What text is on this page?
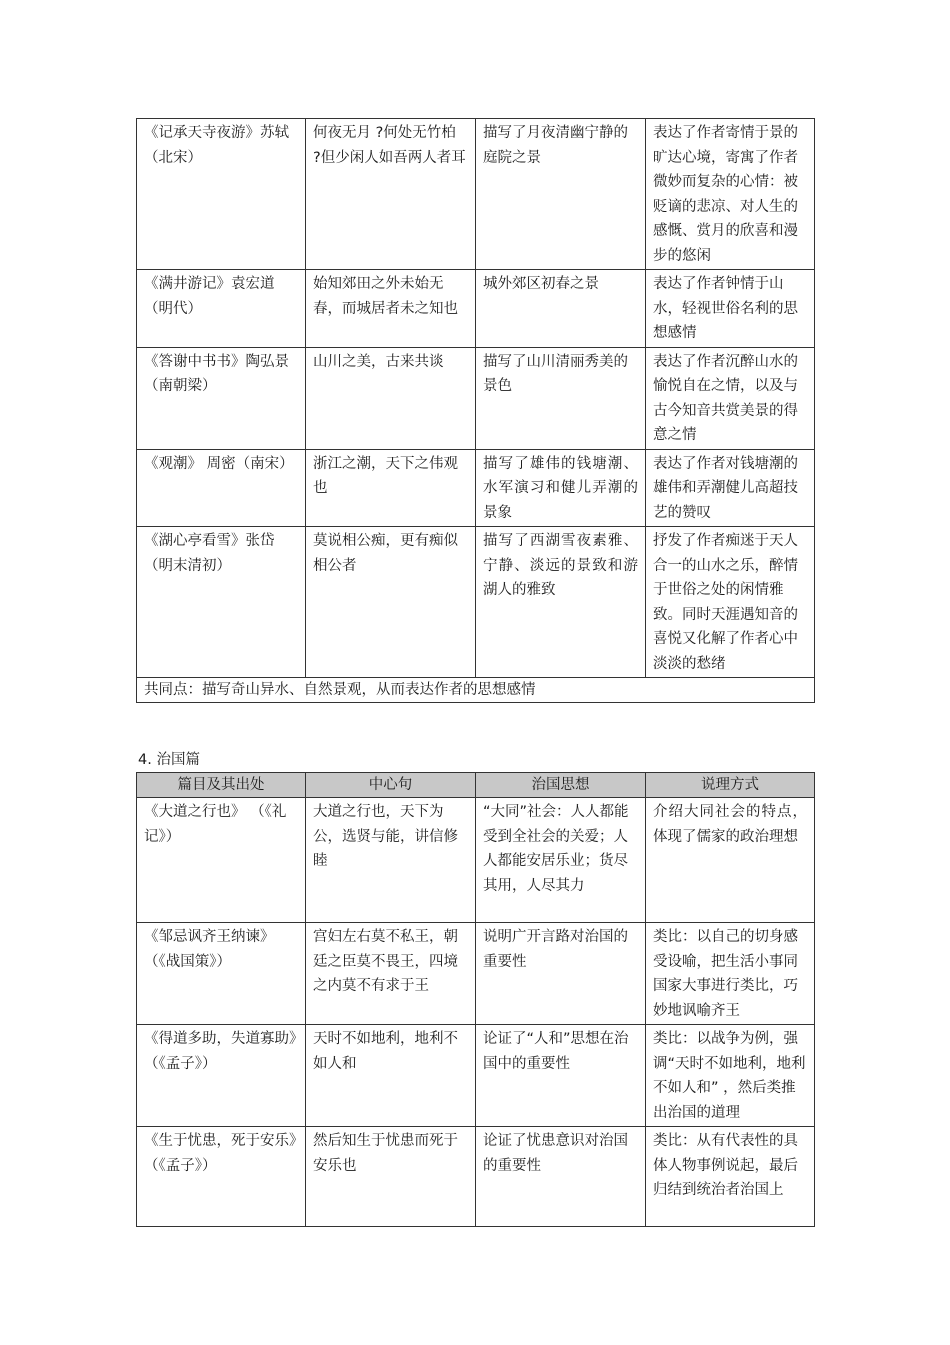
《记承天寺夜游》苏轼（北宋）	何夜无月 ?何处无竹柏 ?但少闲人如吾两人者耳	描写了月夜清幽宁静的庭院之景	表达了作者寄情于景的旷达心境，寄寓了作者微妙而复杂的心情：被贬谪的悲凉、对人生的感慨、赏月的欣喜和漫步的悠闲
《满井游记》袁宏道（明代）	始知郊田之外未始无春，而城居者未之知也	城外郊区初春之景	表达了作者钟情于山水，轻视世俗名利的思想感情
《答谢中书书》陶弘景（南朝梁）	山川之美，古来共谈	描写了山川清丽秀美的景色	表达了作者沉醉山水的愉悦自在之情，以及与古今知音共赏美景的得意之情
《观潮》 周密（南宋）	浙江之潮，天下之伟观也	描写了雄伟的钱塘潮、水军演习和健儿弄潮的景象	表达了作者对钱塘潮的雄伟和弄潮健儿高超技艺的赞叹
《湖心亭看雪》张岱（明末清初）	莫说相公痴，更有痴似相公者	描写了西湖雪夜素雅、宁静、淡远的景致和游湖人的雅致	抒发了作者痴迷于天人合一的山水之乐，醉情于世俗之处的闲情雅致。同时天涯遇知音的喜悦又化解了作者心中淡淡的愁绪
共同点：描写奇山异水、自然景观，从而表达作者的思想感情			
4. 治国篇
篇目及其出处	中心句	治国思想	说理方式
《大道之行也》 （《礼记》）	大道之行也，天下为公，选贤与能，讲信修睦	“大同”社会：人人都能受到全社会的关爱；人人都能安居乐业；货尽其用，人尽其力	介绍大同社会的特点，体现了儒家的政治理想
《邹忌讽齐王纳谏》（《战国策》）	宫妇左右莫不私王，朝廷之臣莫不畏王，四境之内莫不有求于王	说明广开言路对治国的重要性	类比：以自己的切身感受设喻，把生活小事同国家大事进行类比，巧妙地讽喻齐王
《得道多助，失道寡助》（《孟子》）	天时不如地利，地利不如人和	论证了“人和”思想在治国中的重要性	类比：以战争为例，强调“天时不如地利，地利不如人和” ，然后类推出治国的道理
《生于忧患，死于安乐》（《孟子》）	然后知生于忧患而死于安乐也	论证了忧患意识对治国的重要性	类比：从有代表性的具体人物事例说起，最后归结到统治者治国上
